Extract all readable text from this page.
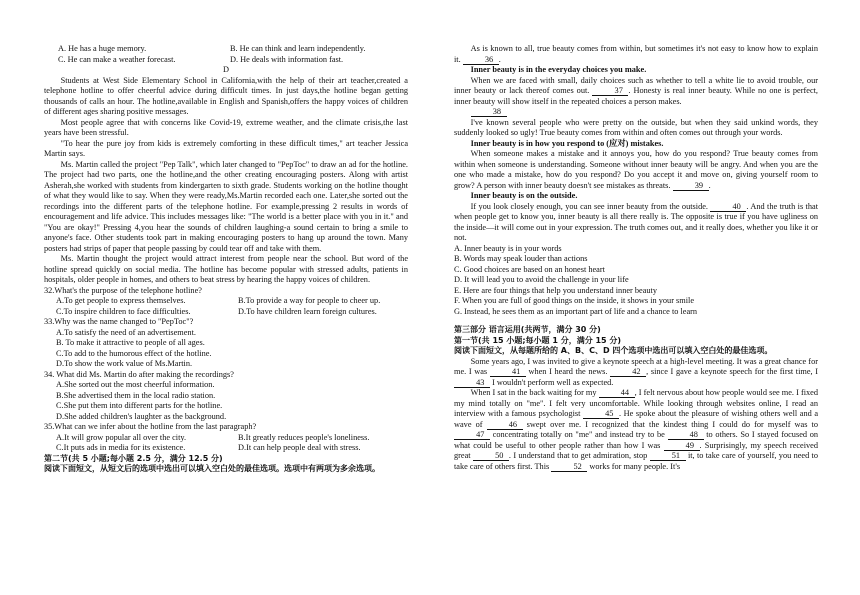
A. He has a huge memory.	B. He can think and learn independently.
C. He can make a weather forecast.	D. He deals with information fast.

D

Students at West Side Elementary School in California,with the help of their art teacher,created a telephone hotline to offer cheerful advice during difficult times. In just days,the hotline began getting thousands of calls an hour. The hotline,available in English and Spanish,offers the happy voices of children of different ages sharing positive messages.

Most people agree that with concerns like Covid-19, extreme weather, and the climate crisis,the last years have been stressful.

"To hear the pure joy from kids is extremely comforting in these difficult times," art teacher Jessica Martin says.

Ms. Martin called the project "Pep Talk", which later changed to "PepToc" to draw an ad for the hotline. The project had two parts, one the hotline,and the other creating encouraging posters. Along with artist Asherah,she worked with students from kindergarten to sixth grade. Students working on the hotline thought of what they would like to say. When they were ready,Ms.Martin recorded each one. Later,she sorted out the recordings into the different parts of the telephone hotline. For example,pressing 2 results in words of encouragement and life advice. This includes messages like: "The world is a better place with you in it." and "You are okay!" Pressing 4,you hear the sounds of children laughing-a sound certain to bring a smile to anyone's face. Other students took part in making encouraging posters to hang up around the town. Many posters had strips of paper that people passing by could tear off and take with them.

Ms. Martin thought the project would attract interest from people near the school. But word of the hotline spread quickly on social media. The hotline has become popular with stressed adults, patients in hospitals, older people in homes, and others to beat stress by hearing the happy voices of children.

32.What's the purpose of the telephone hotline?

A.To get people to express themselves.	B.To provide a way for people to cheer up.
C.To inspire children to face difficulties.	D.To have children learn foreign cultures.

33.Why was the name changed to "PepToc"?

A.To satisfy the need of an advertisement.

B. To make it attractive to people of all ages.

C.To add to the humorous effect of the hotline.

D.To show the work value of Ms.Martin.

34. What did Ms. Martin do after making the recordings?

A.She sorted out the most cheerful information.

B.She advertised them in the local radio station.

C.She put them into different parts for the hotline.

D.She added children's laughter as the background.

35.What can we infer about the hotline from the last paragraph?

A.It will grow popular all over the city.	B.It greatly reduces people's loneliness.
C.It puts ads in media for its existence.	D.It can help people deal with stress.

第二节(共 5 小题;每小题 2.5 分，满分 12.5 分)

阅读下面短文，从短文后的选项中选出可以填入空白处的最佳选项。选项中有两项为多余选项。

As is known to all, true beauty comes from within, but sometimes it's not easy to know how to explain it.	36 .

Inner beauty is in the everyday choices you make.

When we are faced with small, daily choices such as whether to tell a white lie to avoid trouble, our inner beauty or lack thereof comes out.	37 . Honesty is real inner beauty. While no one is perfect, inner beauty will show itself in the repeated choices a person makes.

38

I've known several people who were pretty on the outside, but when they said unkind words, they suddenly looked so ugly! True beauty comes from within and often comes out through your words.

Inner beauty is in how you respond to (应对) mistakes.

When someone makes a mistake and it annoys you, how do you respond? True beauty comes from within when someone is understanding. Someone without inner beauty will be angry. And when you are the one who made a mistake, how do you respond? Do you accept it and move on, giving yourself room to grow? A person with inner beauty doesn't see mistakes as threats.	39 .

Inner beauty is on the outside.

If you look closely enough, you can see inner beauty from the outside.	40 . And the truth is that when people get to know you, inner beauty is all there really is. The opposite is true if you have ugliness on the inside—it will come out in your expression. The truth comes out, and it really does, whether you like it or not.

A. Inner beauty is in your words

B. Words may speak louder than actions

C. Good choices are based on an honest heart

D. It will lead you to avoid the challenge in your life

E. Here are four things that help you understand inner beauty

F. When you are full of good things on the inside, it shows in your smile

G. Instead, he sees them as an important part of life and a chance to learn

第三部分 语言运用(共两节，满分 30 分)

第一节(共 15 小题;每小题 1 分，满分 15 分)

阅读下面短文，从每题所给的 A、B、C、D 四个选项中选出可以填入空白处的最佳选项。

Some years ago, I was invited to give a keynote speech at a high-level meeting. It was a great chance for me. I was	41 when I heard the news.	42 , since I gave a keynote speech for the first time, I 43 I wouldn't perform well as expected.

When I sat in the back waiting for my	44 , I felt nervous about how people would see me. I fixed my mind totally on "me". I felt very uncomfortable. While looking through websites online, I read an interview with a famous psychologist	45 . He spoke about the pleasure of wishing others well and a wave of	46 swept over me. I recognized that the kindest thing I could do for myself was to 47 concentrating totally on "me" and instead try to be	48 to others. So I stayed focused on what could be useful to other people rather than how I was	49 . Surprisingly, my speech received great	50 . I understand that to get admiration, stop	51 it, to take care of yourself, you need to take care of others first. This	52 works for many people. It's
